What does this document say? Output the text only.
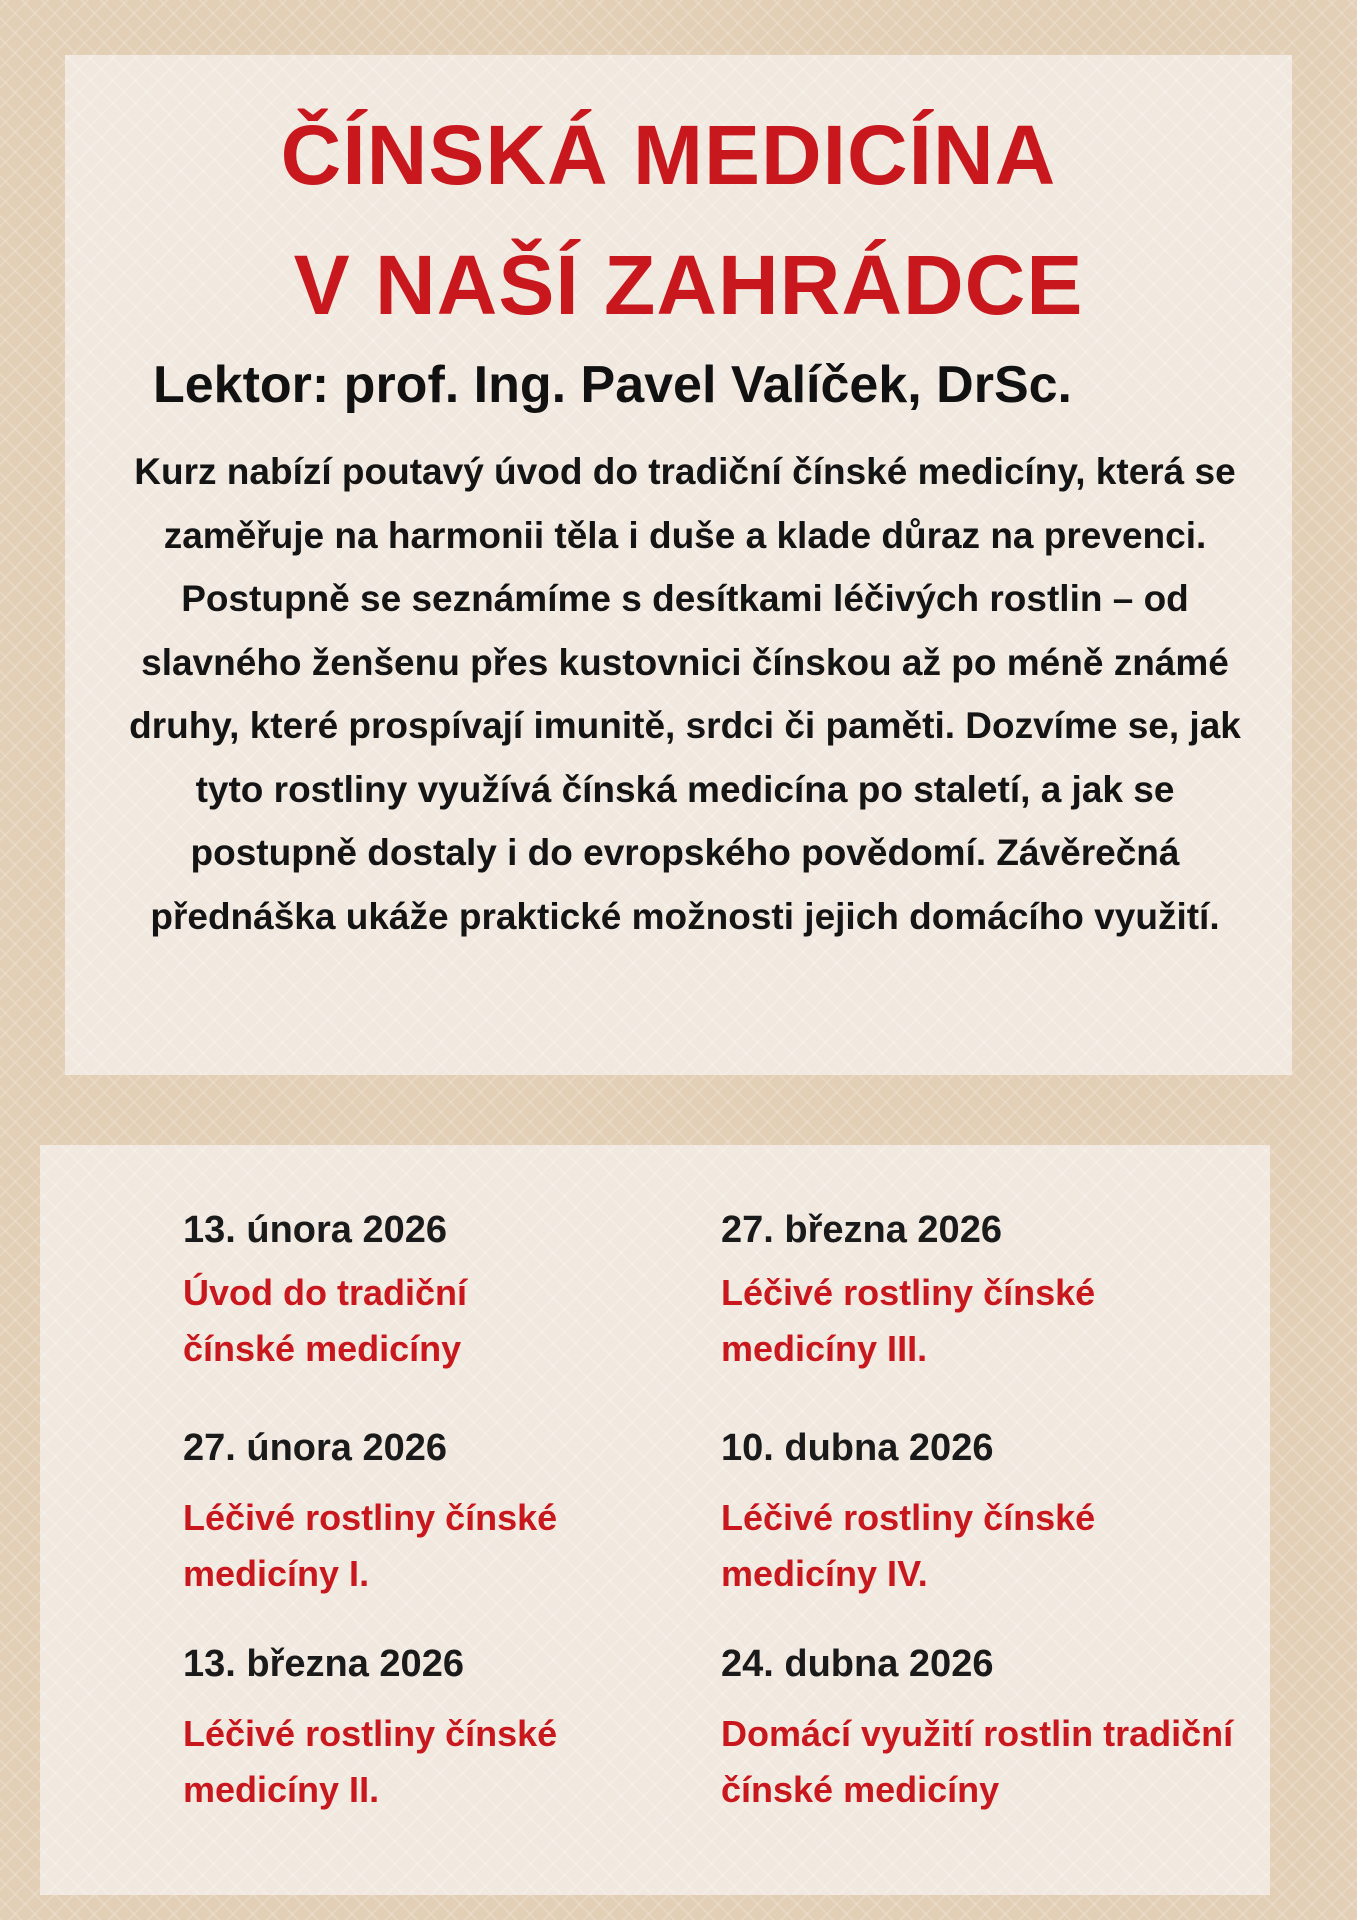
ČÍNSKÁ MEDICÍNA
V NAŠÍ ZAHRÁDCE
Lektor: prof. Ing. Pavel Valíček, DrSc.
Kurz nabízí poutavý úvod do tradiční čínské medicíny, která se zaměřuje na harmonii těla i duše a klade důraz na prevenci. Postupně se seznámíme s desítkami léčivých rostlin – od slavného ženšenu přes kustovnici čínskou až po méně známé druhy, které prospívají imunitě, srdci či paměti. Dozvíme se, jak tyto rostliny využívá čínská medicína po staletí, a jak se postupně dostaly i do evropského povědomí. Závěrečná přednáška ukáže praktické možnosti jejich domácího využití.
13. února 2026
Úvod do tradiční čínské medicíny
27. února 2026
Léčivé rostliny čínské medicíny I.
13. března 2026
Léčivé rostliny čínské medicíny II.
27. března 2026
Léčivé rostliny čínské medicíny III.
10. dubna 2026
Léčivé rostliny čínské medicíny IV.
24. dubna 2026
Domácí využití rostlin tradiční čínské medicíny
